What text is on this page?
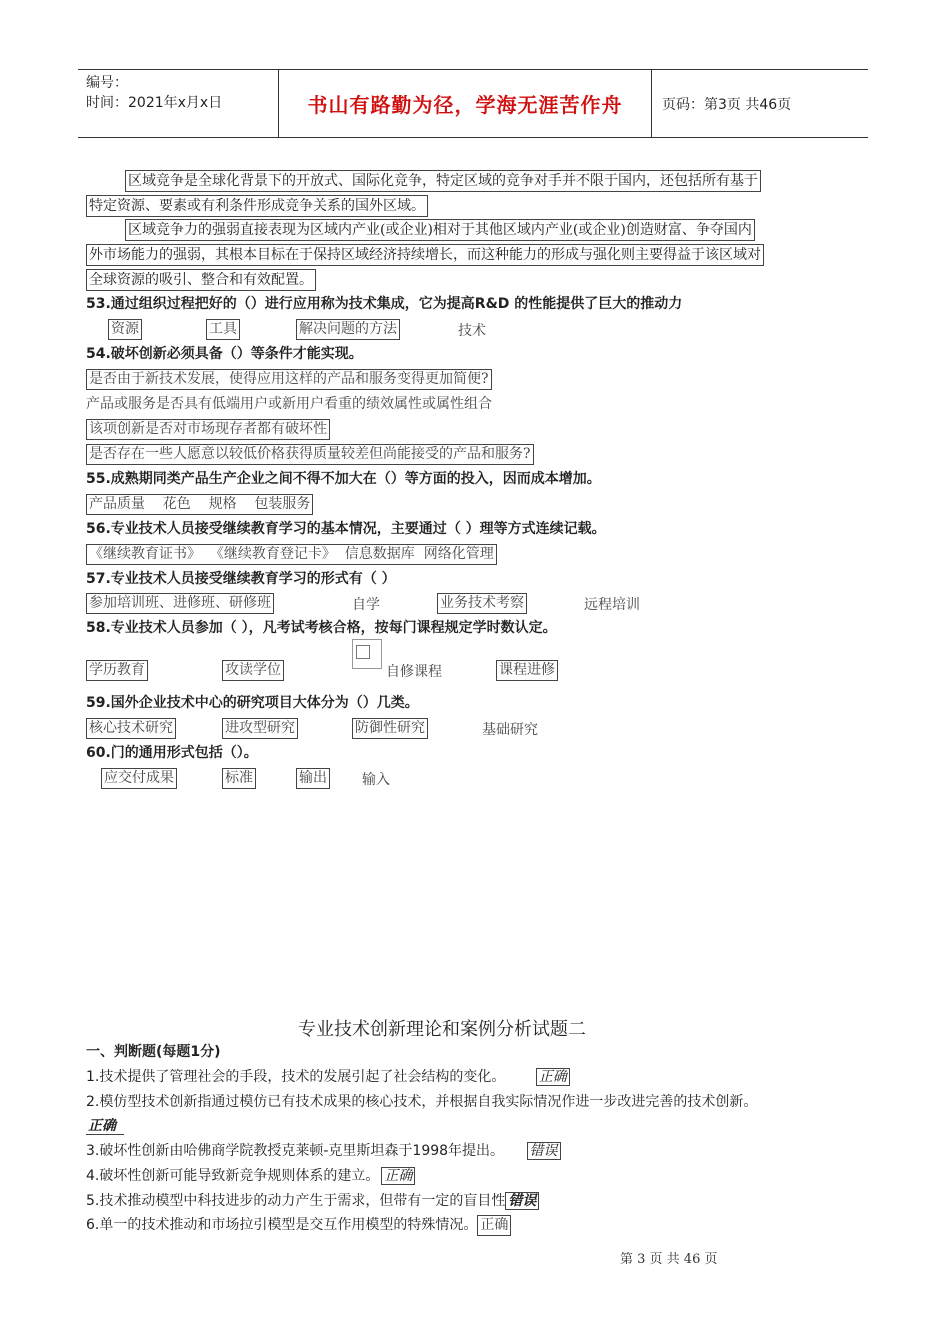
编号：
时间：2021年x月x日	书山有路勤为径，学海无涯苦作舟	页码：第3页 共46页
区域竞争是全球化背景下的开放式、国际化竞争，特定区域的竞争对手并不限于国内，还包括所有基于
特定资源、要素或有利条件形成竞争关系的国外区域。
区域竞争力的强弱直接表现为区域内产业(或企业)相对于其他区域内产业(或企业)创造财富、争夺国内
外市场能力的强弱，其根本目标在于保持区域经济持续增长，而这种能力的形成与强化则主要得益于该区域对
全球资源的吸引、整合和有效配置。
53.通过组织过程把好的（）进行应用称为技术集成，它为提高R&D 的性能提供了巨大的推动力
资源	工具	解决问题的方法	技术
54.破坏创新必须具备（）等条件才能实现。
是否由于新技术发展，使得应用这样的产品和服务变得更加简便?
产品或服务是否具有低端用户或新用户看重的绩效属性或属性组合
该项创新是否对市场现存者都有破坏性
是否存在一些人愿意以较低价格获得质量较差但尚能接受的产品和服务?
55.成熟期同类产品生产企业之间不得不加大在（）等方面的投入，因而成本增加。
产品质量    花色    规格    包装服务
56.专业技术人员接受继续教育学习的基本情况，主要通过（ ）理等方式连续记载。
《继续教育证书》  《继续教育登记卡》  信息数据库  网络化管理
57.专业技术人员接受继续教育学习的形式有（ ）
参加培训班、进修班、研修班	自学	业务技术考察	远程培训
58.专业技术人员参加（ ），凡考试考核合格，按每门课程规定学时数认定。
学历教育	攻读学位	自修课程	课程进修
59.国外企业技术中心的研究项目大体分为（）几类。
核心技术研究	进攻型研究	防御性研究	基础研究
60.门的通用形式包括（）。
应交付成果	标准	输出	输入
专业技术创新理论和案例分析试题二
一、判断题(每题1分)
1.技术提供了管理社会的手段，技术的发展引起了社会结构的变化。 正确
2.模仿型技术创新指通过模仿已有技术成果的核心技术，并根据自我实际情况作进一步改进完善的技术创新。
正确
3.破坏性创新由哈佛商学院教授克莱顿-克里斯坦森于1998年提出。 错误
4.破坏性创新可能导致新竞争规则体系的建立。 正确
5.技术推动模型中科技进步的动力产生于需求，但带有一定的盲目性 错误
6.单一的技术推动和市场拉引模型是交互作用模型的特殊情况。 正确
第 3 页 共 46 页
